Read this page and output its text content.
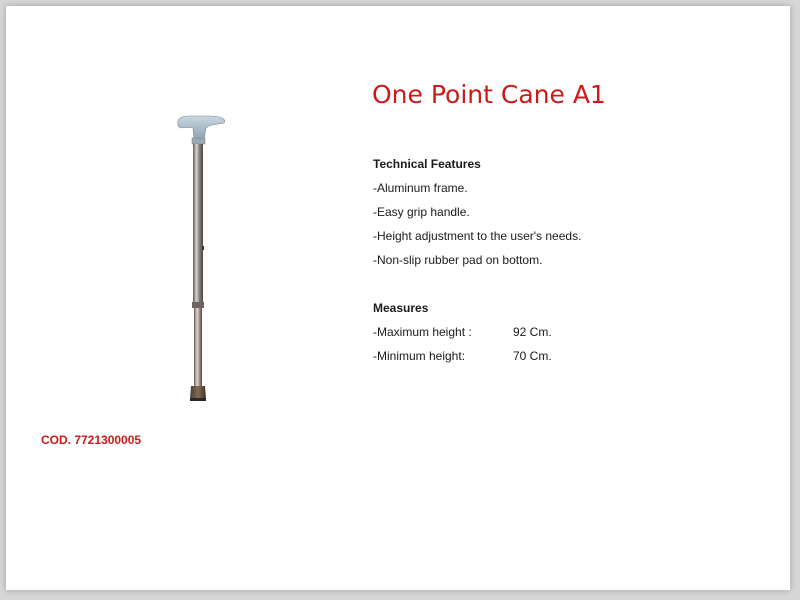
One Point Cane A1
Technical Features
-Aluminum frame.
-Easy grip handle.
-Height adjustment to the user's needs.
-Non-slip rubber pad on bottom.
Measures
-Maximum height :	92 Cm.
-Minimum height:	70 Cm.
COD. 7721300005
